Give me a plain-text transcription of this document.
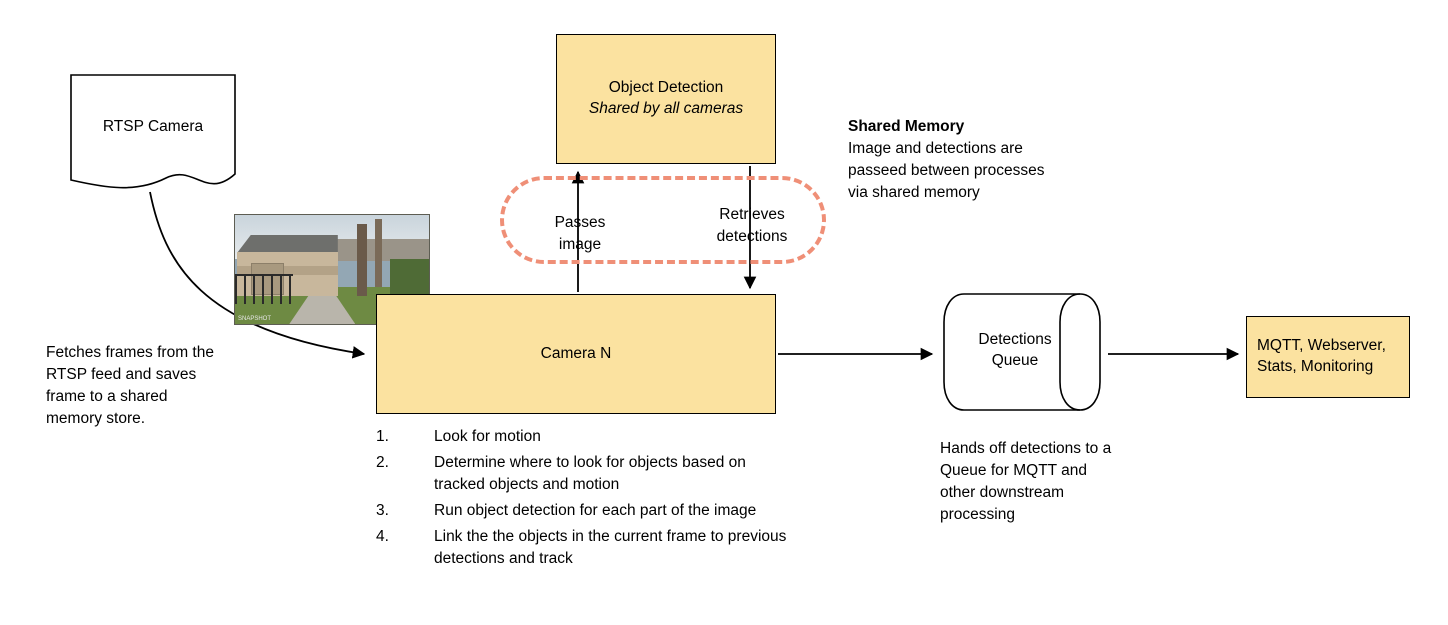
RTSP Camera
SNAPSHOT
Object Detection
Shared by all cameras
Passes
image
Retrieves
detections
Shared Memory
Image and detections are passeed between processes via shared memory
Camera N
Detections
Queue
MQTT, Webserver,
Stats, Monitoring
Fetches frames from the RTSP feed and saves frame to a shared memory store.
Hands off detections to a Queue for MQTT and other downstream processing
1.	Look for motion
2.	Determine where to look for objects based on tracked objects and motion
3.	Run object detection for each part of the image
4.	Link the the objects in the current frame to previous detections and track
